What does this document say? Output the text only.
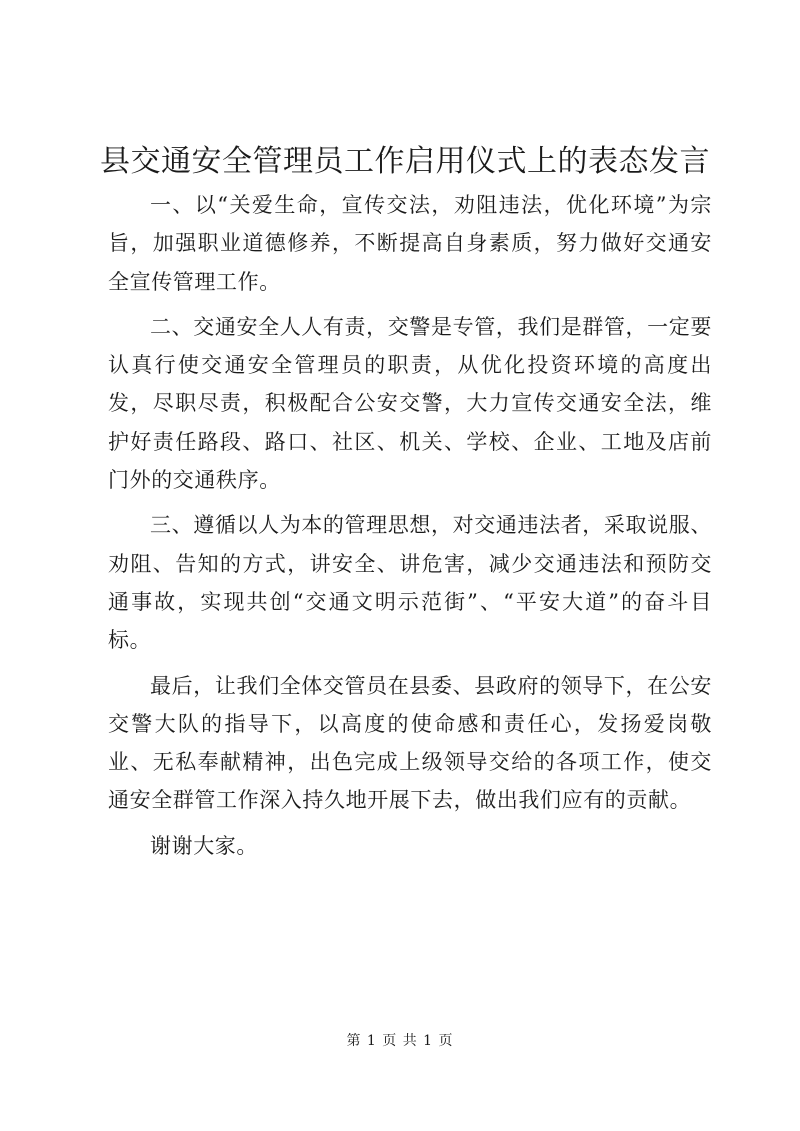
县交通安全管理员工作启用仪式上的表态发言

一、以“关爱生命，宣传交法，劝阻违法，优化环境”为宗旨，加强职业道德修养，不断提高自身素质，努力做好交通安全宣传管理工作。

二、交通安全人人有责，交警是专管，我们是群管，一定要认真行使交通安全管理员的职责，从优化投资环境的高度出发，尽职尽责，积极配合公安交警，大力宣传交通安全法，维护好责任路段、路口、社区、机关、学校、企业、工地及店前门外的交通秩序。

三、遵循以人为本的管理思想，对交通违法者，采取说服、劝阻、告知的方式，讲安全、讲危害，减少交通违法和预防交通事故，实现共创“交通文明示范街”、“平安大道”的奋斗目标。

最后，让我们全体交管员在县委、县政府的领导下，在公安交警大队的指导下，以高度的使命感和责任心，发扬爱岗敬业、无私奉献精神，出色完成上级领导交给的各项工作，使交通安全群管工作深入持久地开展下去，做出我们应有的贡献。

谢谢大家。

第 1 页 共 1 页
